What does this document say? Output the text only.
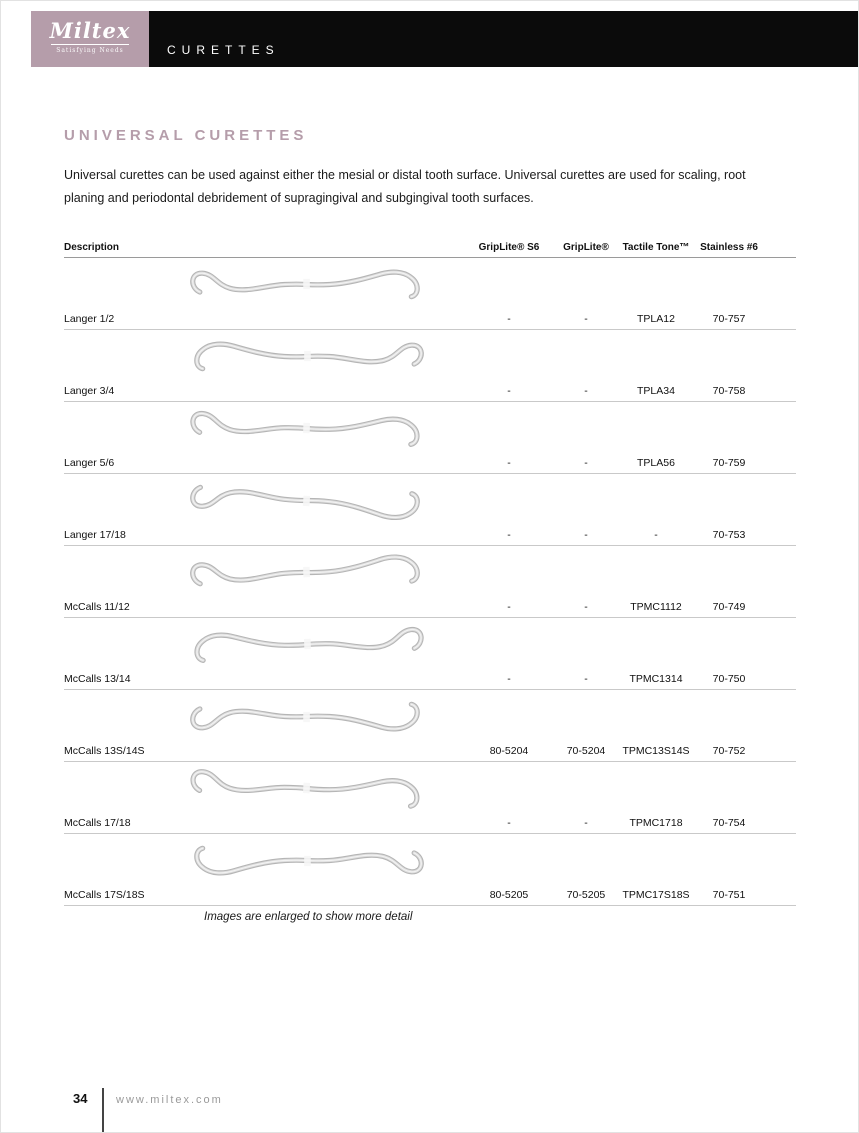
Miltex
Satisfying Needs	CURETTES
UNIVERSAL CURETTES
Universal curettes can be used against either the mesial or distal tooth surface. Universal curettes are used for scaling, root planing and periodontal debridement of supragingival and subgingival tooth surfaces.
Description	GripLite® S6	GripLite®	Tactile Tone™	Stainless #6
Langer 1/2	-	-	TPLA12	70-757
Langer 3/4	-	-	TPLA34	70-758
Langer 5/6	-	-	TPLA56	70-759
Langer 17/18	-	-	-	70-753
McCalls 11/12	-	-	TPMC1112	70-749
McCalls 13/14	-	-	TPMC1314	70-750
McCalls 13S/14S	80-5204	70-5204	TPMC13S14S	70-752
McCalls 17/18	-	-	TPMC1718	70-754
McCalls 17S/18S	80-5205	70-5205	TPMC17S18S	70-751
Images are enlarged to show more detail
34	www.miltex.com
